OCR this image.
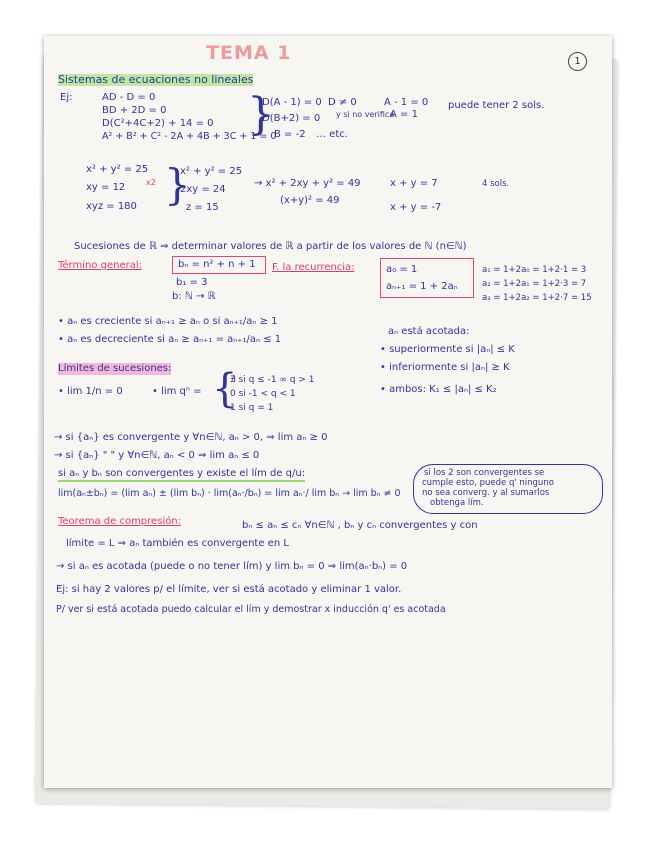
TEMA 1	1
Sistemas de ecuaciones no lineales
Ej:	AD - D = 0
BD + 2D = 0
D(C²+4C+2) + 14 = 0
A² + B² + C² - 2A + 4B + 3C + 1 = 0
}
D(A - 1) = 0
D(B+2) = 0
B = -2 … etc.
D ≠ 0
y si no verifica
A - 1 = 0
A = 1
puede tener 2 sols.
x² + y² = 25
xy = 12
xyz = 180
x2 }
x² + y² = 25
2xy = 24
z = 15
→ x² + 2xy + y² = 49
(x+y)² = 49
x + y = 7
x + y = -7
4 sols.
Sucesiones de ℝ ⇒ determinar valores de ℝ a partir de los valores de ℕ (n∈ℕ)
Término general:	bₙ = n² + n + 1
b₁ = 3
b: ℕ → ℝ
F. la recurrencia:	a₀ = 1
aₙ₊₁ = 1 + 2aₙ
a₁ = 1+2a₀ = 1+2·1 = 3
a₂ = 1+2a₁ = 1+2·3 = 7
a₃ = 1+2a₂ = 1+2·7 = 15
• aₙ es creciente si aₙ₊₁ ≥ aₙ o si aₙ₊₁/aₙ ≥ 1
• aₙ es decreciente si aₙ ≥ aₙ₊₁ = aₙ₊₁/aₙ ≤ 1
aₙ está acotada:
• superiormente si |aₙ| ≤ K
• inferiormente si |aₙ| ≥ K
• ambos: K₁ ≤ |aₙ| ≤ K₂
Límites de sucesiones:
• lim 1/n = 0	• lim qⁿ = {
∄ si q ≤ -1 ∞ q > 1
0 si -1 < q < 1
1 si q = 1
→ si {aₙ} es convergente y ∀n∈ℕ, aₙ > 0, ⇒ lim aₙ ≥ 0
→ si {aₙ} " " y ∀n∈ℕ, aₙ < 0 ⇒ lim aₙ ≤ 0
si aₙ y bₙ son convergentes y existe el lím de q/u:
lim(aₙ±bₙ) = (lim aₙ) ± (lim bₙ) · lim(aₙ·/bₙ) = lim aₙ·/ lim bₙ → lim bₙ ≠ 0
si los 2 son convergentes se
cumple esto, puede q' ninguno
no sea converg. y al sumarlos
obtenga lím.
Teorema de compresión:	bₙ ≤ aₙ ≤ cₙ ∀n∈ℕ , bₙ y cₙ convergentes y con
límite = L ⇒ aₙ también es convergente en L
→ si aₙ es acotada (puede o no tener lím) y lim bₙ = 0 ⇒ lim(aₙ·bₙ) = 0
Ej: si hay 2 valores p/ el límite, ver si está acotado y eliminar 1 valor.
P/ ver si está acotada puedo calcular el lím y demostrar x inducción q' es acotada
